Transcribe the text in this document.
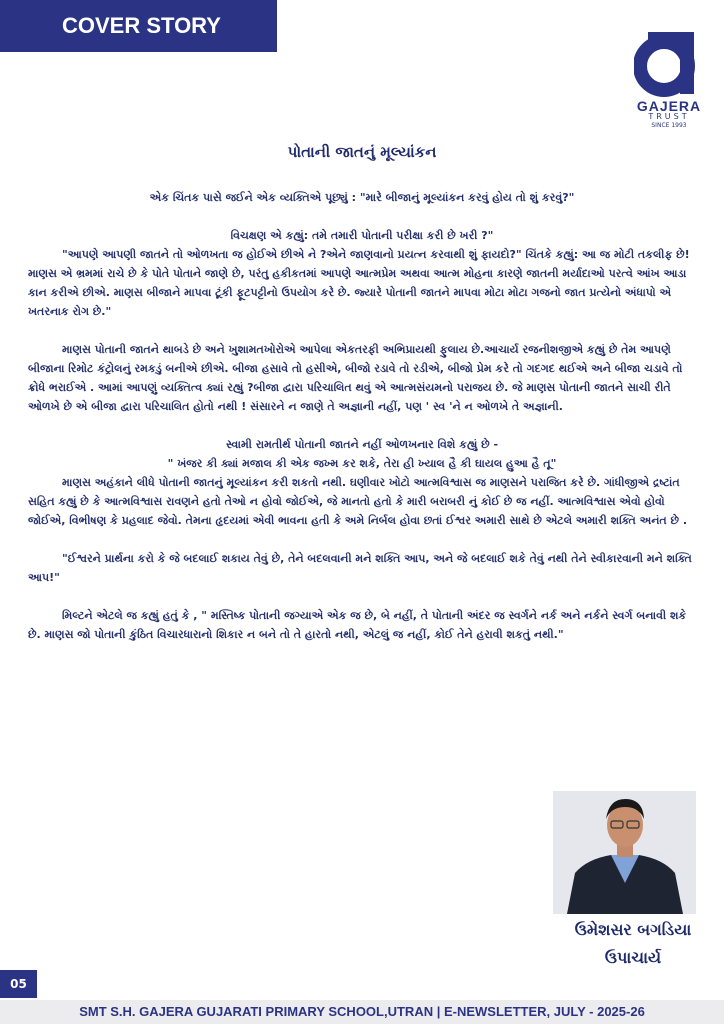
COVER STORY
GAJERA
TRUST
SINCE 1993
પોતાની જાતનું મૂલ્યાંકન

એક ચિંતક પાસે જઈને એક વ્યક્તિએ પૂછ્યું : "મારે બીજાનું મૂલ્યાંકન કરવું હોય તો શું કરવું?"

વિચક્ષણ એ કહ્યું: તમે તમારી પોતાની પરીક્ષા કરી છે ખરી ?"

"આપણે આપણી જાતને તો ઓળખતા જ હોઈએ છીએ ને ?એને જાણવાનો પ્રયત્ન કરવાથી શું ફાયદો?" ચિંતકે કહ્યું: આ જ મોટી તકલીફ છે! માણસ એ ભ્રમમાં રાચે છે કે પોતે પોતાને જાણે છે, પરંતુ હકીકતમાં આપણે આત્મપ્રેમ અથવા આત્મ મોહના કારણે જાતની મર્યાદાઓ પરત્વે આંખ આડા કાન કરીએ છીએ. માણસ બીજાને માપવા ટૂંકી ફૂટપટ્ટીનો ઉપયોગ કરે છે. જ્યારે પોતાની જાતને માપવા મોટા મોટા ગજનો જાત પ્રત્યેનો અંધાપો એ ખતરનાક રોગ છે."

માણસ પોતાની જાતને થાબડે છે અને ખુશામતખોરોએ આપેલા એકતરફી અભિપ્રાયથી ફુલાય છે.આચાર્ય રજનીશજીએ કહ્યું છે તેમ આપણે બીજાના રિમોટ કંટ્રોલનું રમકડું બનીએ છીએ. બીજા હસાવે તો હસીએ, બીજો રડાવે તો રડીએ, બીજો પ્રેમ કરે તો ગદગદ થઈએ અને બીજા ચડાવે તો ક્રોધે ભરાઈએ . આમાં આપણું વ્યક્તિત્વ ક્યાં રહ્યું ?બીજા દ્વારા પરિચાલિત થવું એ આત્મસંયમનો પરાજય છે. જે માણસ પોતાની જાતને સાચી રીતે ઓળખે છે એ બીજા દ્વારા પરિચાલિત હોતો નથી ! સંસારને ન જાણે તે અજ્ઞાની નહીં, પણ ' સ્વ 'ને ન ઓળખે તે અજ્ઞાની.

સ્વામી રામતીર્થ પોતાની જાતને નહીં ઓળખનાર વિશે કહ્યું છે -

" ખંજર કી ક્યાં મજાલ કી એક જખ્મ કર શકે, તેરા હી ખ્યાલ હૈ કી ઘાયલ હુઆ હૈ તૂ"

માણસ અહંકાને લીધે પોતાની જાતનું મૂલ્યાંકન કરી શકતો નથી. ઘણીવાર ખોટો આત્મવિશ્વાસ જ માણસને પરાજિત કરે છે. ગાંધીજીએ દ્રષ્ટાંત સહિત કહ્યું છે કે આત્મવિશ્વાસ રાવણને હતો તેઓ ન હોવો જોઈએ, જે માનતો હતો કે મારી બરાબરી નું કોઈ છે જ નહીં. આત્મવિશ્વાસ એવો હોવો જોઈએ, વિભીષણ કે પ્રહલાદ જેવો. તેમના હૃદયમાં એવી ભાવના હતી કે અમે નિર્બલ હોવા છતાં ઈશ્વર અમારી સાથે છે એટલે અમારી શક્તિ અનંત છે .

"ઈશ્વરને પ્રાર્થના કરો કે જે બદલાઈ શકાય તેવું છે, તેને બદલવાની મને શક્તિ આપ, અને જે બદલાઈ શકે તેવું નથી તેને સ્વીકારવાની મને શક્તિ આપ!"

મિલ્ટને એટલે જ કહ્યું હતું કે , " મસ્તિષ્ક પોતાની જગ્યાએ એક જ છે, બે નહીં, તે પોતાની અંદર જ સ્વર્ગને નર્ક અને નર્કને સ્વર્ગ બનાવી શકે છે. માણસ જો પોતાની કુંઠિત વિચારધારાનો શિકાર ન બને તો તે હારતો નથી, એટલું જ નહીં, કોઈ તેને હરાવી શકતું નથી."

ઉમેશસર બગડિયા
ઉપાચાર્ય
05
SMT S.H. GAJERA GUJARATI PRIMARY SCHOOL,UTRAN | E-NEWSLETTER, JULY - 2025-26
